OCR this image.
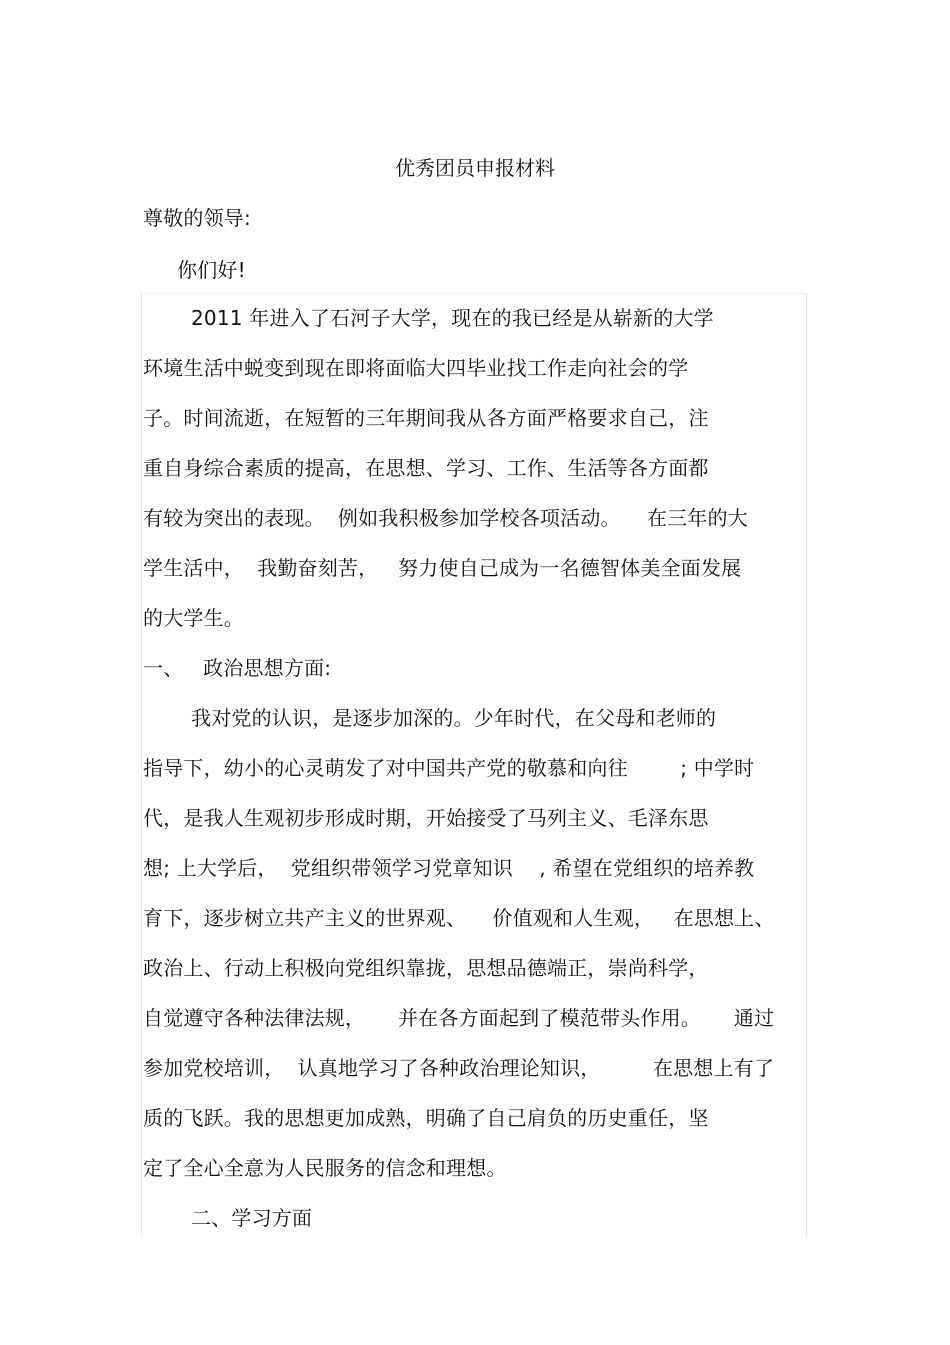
优秀团员申报材料
尊敬的领导:
你们好!
2011 年进入了石河子大学，现在的我已经是从崭新的大学
环境生活中蜕变到现在即将面临大四毕业找工作走向社会的学
子。时间流逝，在短暂的三年期间我从各方面严格要求自己，注
重自身综合素质的提高，在思想、学习、工作、生活等各方面都
有较为突出的表现。  例如我积极参加学校各项活动。    在三年的大
学生活中，  我勤奋刻苦，   努力使自己成为一名德智体美全面发展
的大学生。
一、   政治思想方面:
我对党的认识，是逐步加深的。少年时代，在父母和老师的
指导下，幼小的心灵萌发了对中国共产党的敬慕和向往        ; 中学时
代，是我人生观初步形成时期，开始接受了马列主义、毛泽东思
想; 上大学后，  党组织带领学习党章知识    , 希望在党组织的培养教
育下，逐步树立共产主义的世界观、    价值观和人生观，   在思想上、
政治上、行动上积极向党组织靠拢，思想品德端正，崇尚科学，
自觉遵守各种法律法规，     并在各方面起到了模范带头作用。     通过
参加党校培训，  认真地学习了各种政治理论知识，        在思想上有了
质的飞跃。我的思想更加成熟，明确了自己肩负的历史重任，坚
定了全心全意为人民服务的信念和理想。
二、学习方面
